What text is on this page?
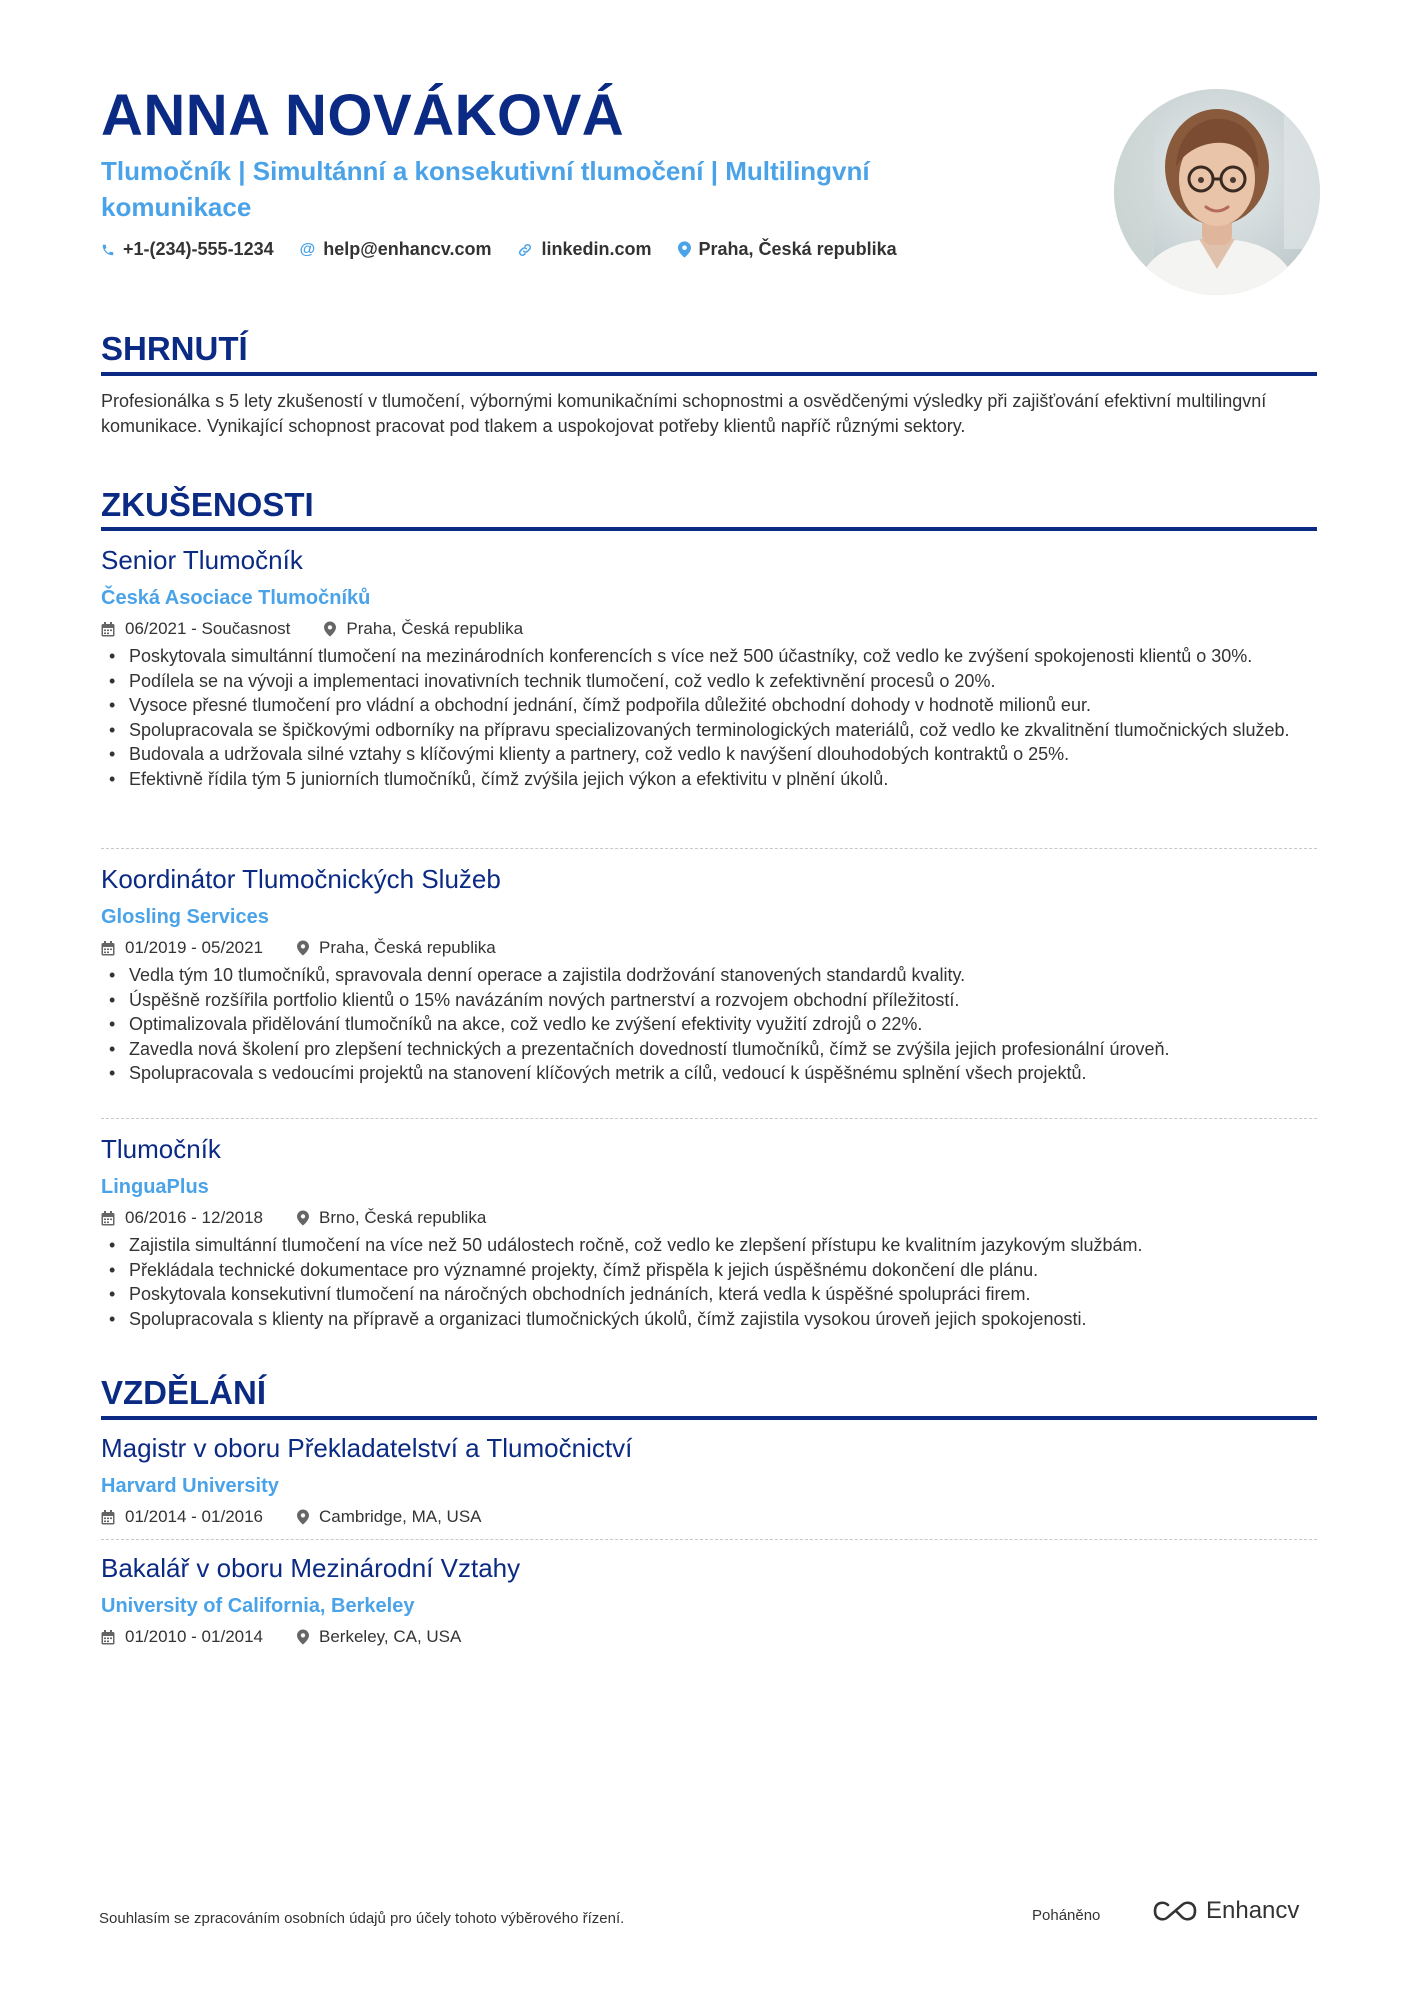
ANNA NOVÁKOVÁ
Tlumočník | Simultánní a konsekutivní tlumočení | Multilingvní komunikace
+1-(234)-555-1234 @ help@enhancv.com	linkedin.com	Praha, Česká republika
SHRNUTÍ
Profesionálka s 5 lety zkušeností v tlumočení, výbornými komunikačními schopnostmi a osvědčenými výsledky při zajišťování efektivní multilingvní komunikace. Vynikající schopnost pracovat pod tlakem a uspokojovat potřeby klientů napříč různými sektory.
ZKUŠENOSTI
Senior Tlumočník
Česká Asociace Tlumočníků
06/2021 - Současnost	Praha, Česká republika
• Poskytovala simultánní tlumočení na mezinárodních konferencích s více než 500 účastníky, což vedlo ke zvýšení spokojenosti klientů o 30%.
• Podílela se na vývoji a implementaci inovativních technik tlumočení, což vedlo k zefektivnění procesů o 20%.
• Vysoce přesné tlumočení pro vládní a obchodní jednání, čímž podpořila důležité obchodní dohody v hodnotě milionů eur.
• Spolupracovala se špičkovými odborníky na přípravu specializovaných terminologických materiálů, což vedlo ke zkvalitnění tlumočnických služeb.
• Budovala a udržovala silné vztahy s klíčovými klienty a partnery, což vedlo k navýšení dlouhodobých kontraktů o 25%.
• Efektivně řídila tým 5 juniorních tlumočníků, čímž zvýšila jejich výkon a efektivitu v plnění úkolů.
Koordinátor Tlumočnických Služeb
Glosling Services
01/2019 - 05/2021	Praha, Česká republika
• Vedla tým 10 tlumočníků, spravovala denní operace a zajistila dodržování stanovených standardů kvality.
• Úspěšně rozšířila portfolio klientů o 15% navázáním nových partnerství a rozvojem obchodní příležitostí.
• Optimalizovala přidělování tlumočníků na akce, což vedlo ke zvýšení efektivity využití zdrojů o 22%.
• Zavedla nová školení pro zlepšení technických a prezentačních dovedností tlumočníků, čímž se zvýšila jejich profesionální úroveň.
• Spolupracovala s vedoucími projektů na stanovení klíčových metrik a cílů, vedoucí k úspěšnému splnění všech projektů.
Tlumočník
LinguaPlus
06/2016 - 12/2018	Brno, Česká republika
• Zajistila simultánní tlumočení na více než 50 událostech ročně, což vedlo ke zlepšení přístupu ke kvalitním jazykovým službám.
• Překládala technické dokumentace pro významné projekty, čímž přispěla k jejich úspěšnému dokončení dle plánu.
• Poskytovala konsekutivní tlumočení na náročných obchodních jednáních, která vedla k úspěšné spolupráci firem.
• Spolupracovala s klienty na přípravě a organizaci tlumočnických úkolů, čímž zajistila vysokou úroveň jejich spokojenosti.
VZDĚLÁNÍ
Magistr v oboru Překladatelství a Tlumočnictví
Harvard University
01/2014 - 01/2016	Cambridge, MA, USA
Bakalář v oboru Mezinárodní Vztahy
University of California, Berkeley
01/2010 - 01/2014	Berkeley, CA, USA
Souhlasím se zpracováním osobních údajů pro účely tohoto výběrového řízení.	Poháněno	Enhancv
